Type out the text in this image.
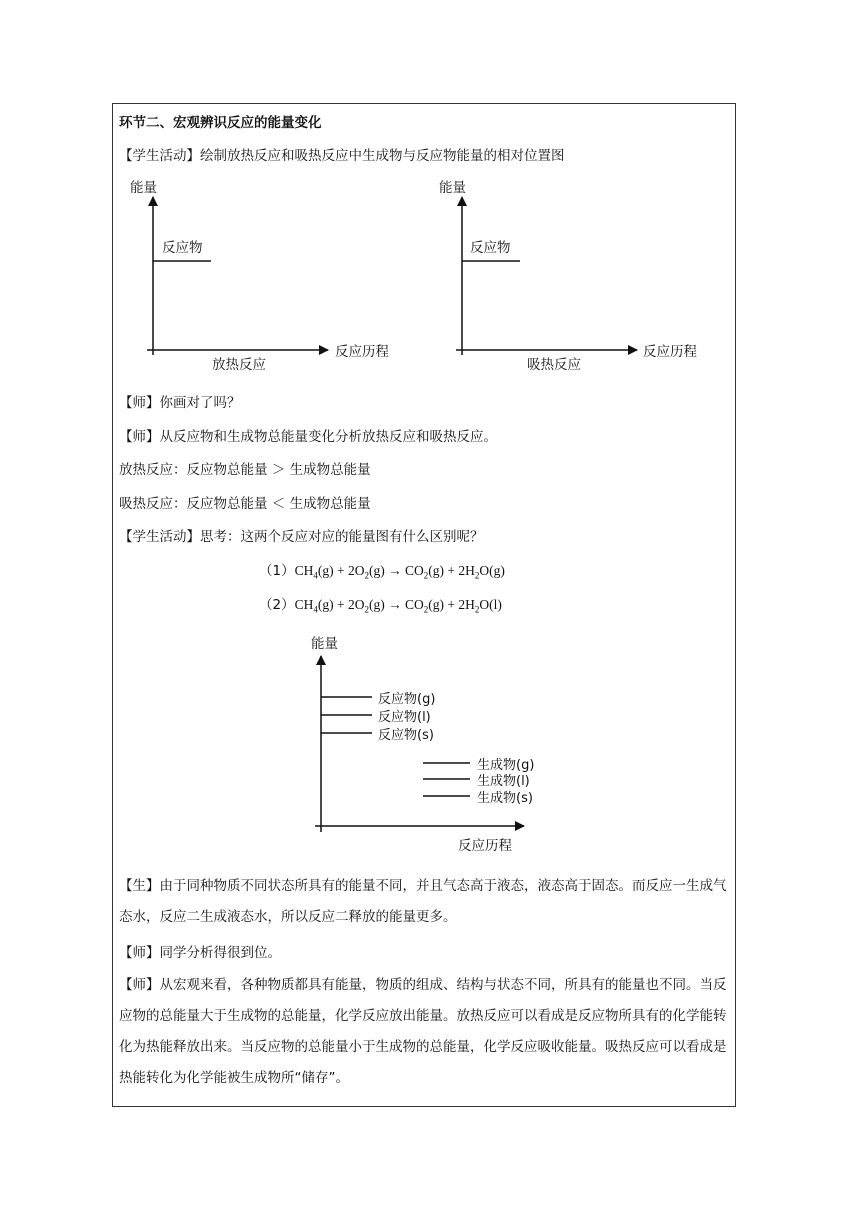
环节二、宏观辨识反应的能量变化
【学生活动】绘制放热反应和吸热反应中生成物与反应物能量的相对位置图
能量
反应物
反应历程
放热反应
能量
反应物
反应历程
吸热反应
能量
反应历程
反应物(g)
反应物(l)
反应物(s)
生成物(g)
生成物(l)
生成物(s)
【师】你画对了吗？
【师】从反应物和生成物总能量变化分析放热反应和吸热反应。
放热反应：反应物总能量 ＞ 生成物总能量
吸热反应：反应物总能量 ＜ 生成物总能量
【学生活动】思考：这两个反应对应的能量图有什么区别呢？
$(1)CH_4(g) + 2O_2(g) \to CO_2(g) + 2H_2O(g)$
$(2)CH_4(g) + 2O_2(g) \to CO_2(g) + 2H_2O(l)$
【生】由于同种物质不同状态所具有的能量不同，并且气态高于液态，液态高于固态。而反应一生成气态水，反应二生成液态水，所以反应二释放的能量更多。
【师】同学分析得很到位。
【师】从宏观来看，各种物质都具有能量，物质的组成、结构与状态不同，所具有的能量也不同。当反应物的总能量大于生成物的总能量，化学反应放出能量。放热反应可以看成是反应物所具有的化学能转化为热能释放出来。当反应物的总能量小于生成物的总能量，化学反应吸收能量。吸热反应可以看成是热能转化为化学能被生成物所“储存”。
